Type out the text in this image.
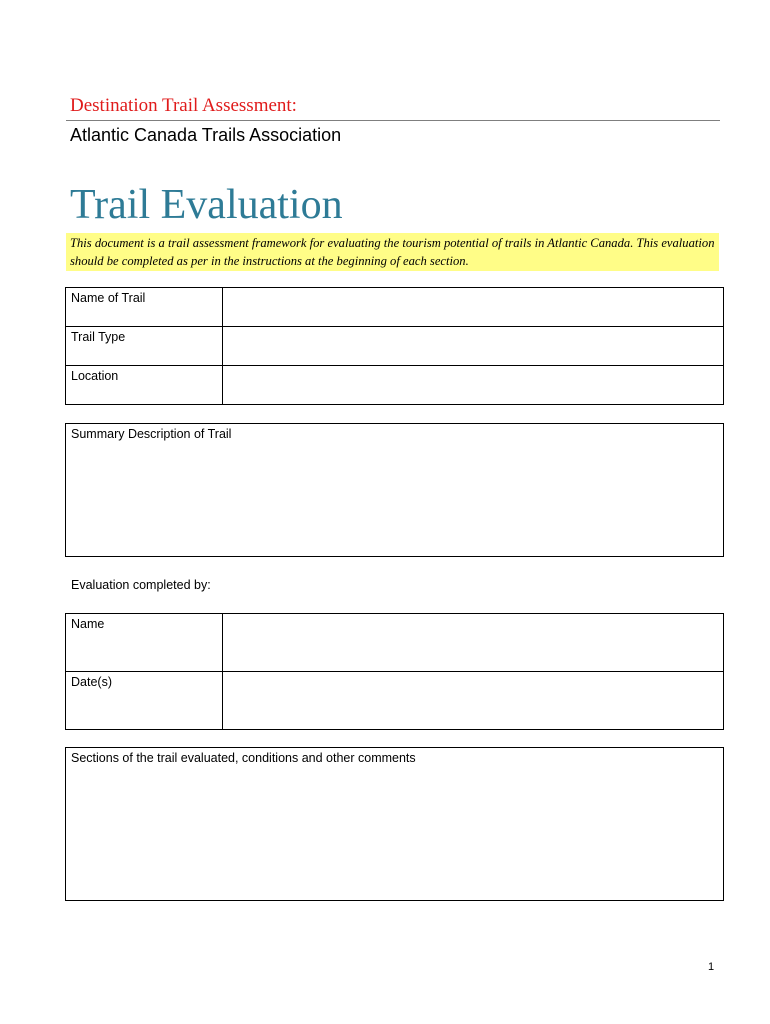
Destination Trail Assessment:
Atlantic Canada Trails Association
Trail Evaluation
This document is a trail assessment framework for evaluating the tourism potential of trails in Atlantic Canada. This evaluation should be completed as per in the instructions at the beginning of each section.
Name of Trail	
Trail Type	
Location	
Summary Description of Trail
Evaluation completed by:
Name	
Date(s)	
Sections of the trail evaluated, conditions and other comments
1
